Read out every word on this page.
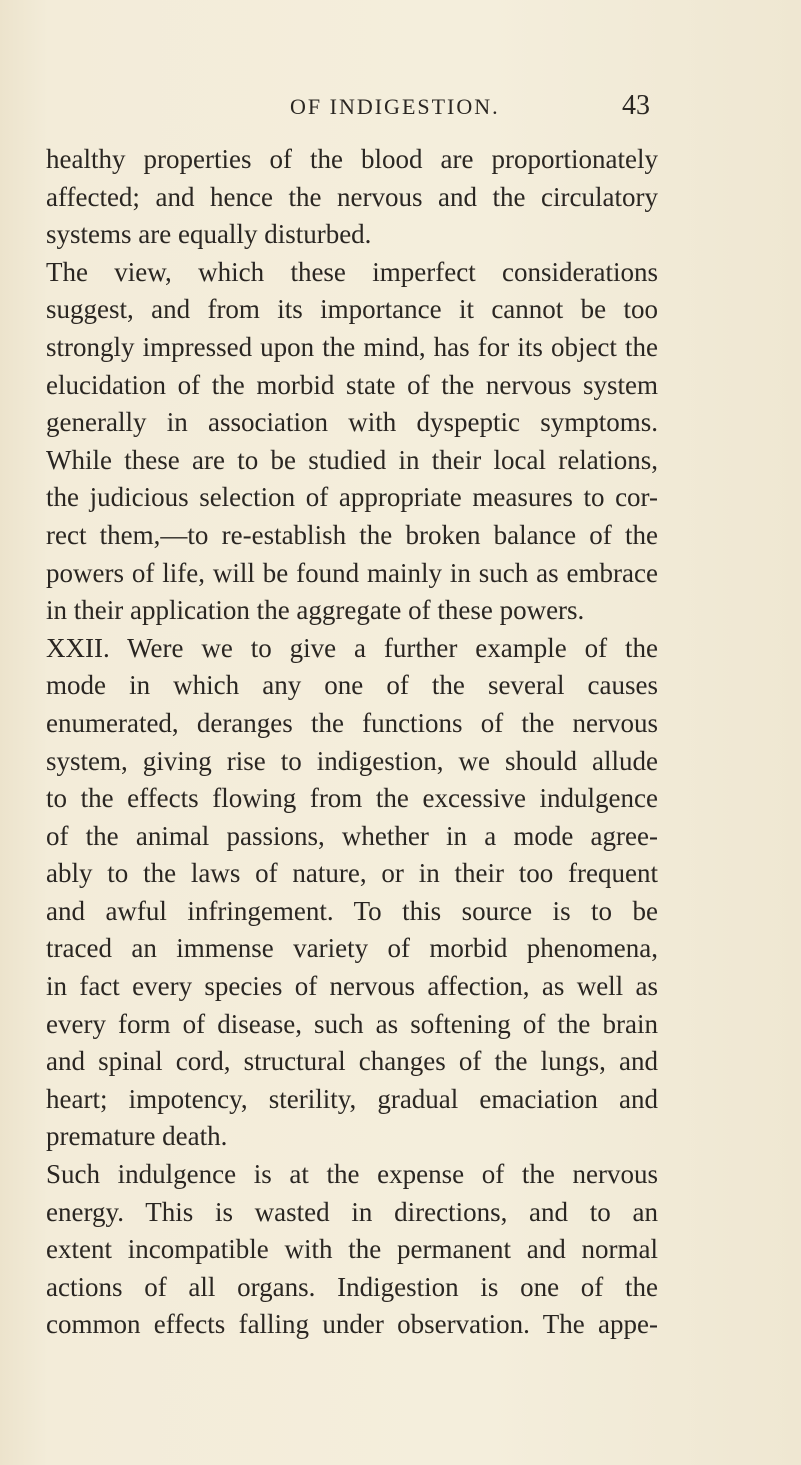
OF INDIGESTION.	43
healthy properties of the blood are proportionately
affected; and hence the nervous and the circulatory
systems are equally disturbed.
The view, which these imperfect considerations
suggest, and from its importance it cannot be too
strongly impressed upon the mind, has for its object the
elucidation of the morbid state of the nervous system
generally in association with dyspeptic symptoms.
While these are to be studied in their local relations,
the judicious selection of appropriate measures to cor-
rect them,—to re-establish the broken balance of the
powers of life, will be found mainly in such as embrace
in their application the aggregate of these powers.
XXII. Were we to give a further example of the
mode in which any one of the several causes
enumerated, deranges the functions of the nervous
system, giving rise to indigestion, we should allude
to the effects flowing from the excessive indulgence
of the animal passions, whether in a mode agree-
ably to the laws of nature, or in their too frequent
and awful infringement. To this source is to be
traced an immense variety of morbid phenomena,
in fact every species of nervous affection, as well as
every form of disease, such as softening of the brain
and spinal cord, structural changes of the lungs, and
heart; impotency, sterility, gradual emaciation and
premature death.
Such indulgence is at the expense of the nervous
energy. This is wasted in directions, and to an
extent incompatible with the permanent and normal
actions of all organs. Indigestion is one of the
common effects falling under observation. The appe-
